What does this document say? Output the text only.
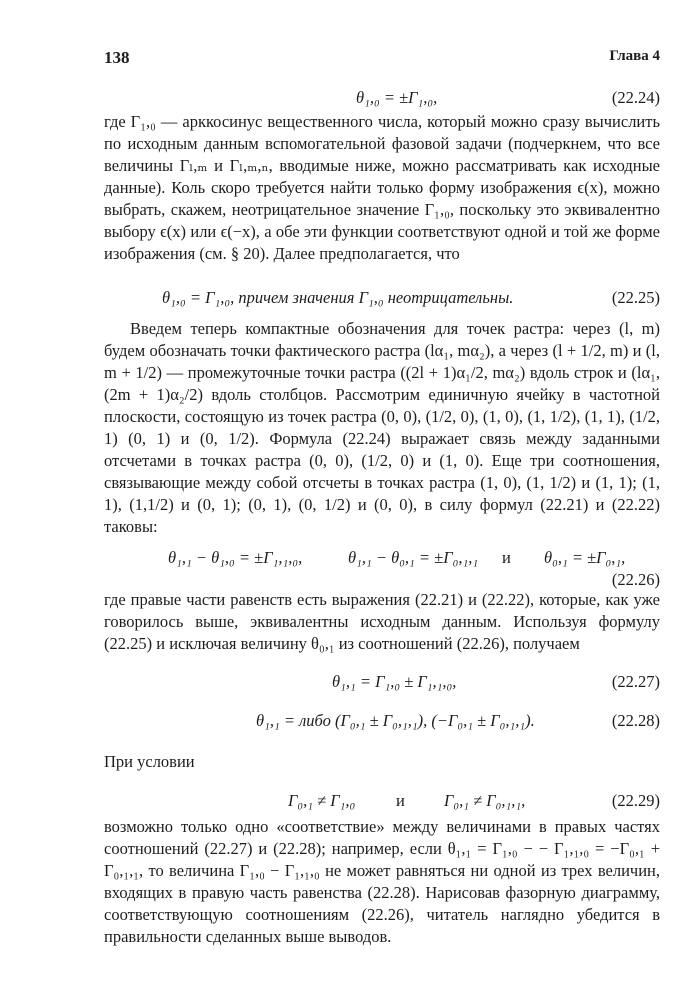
138	Глава 4
θ₁,₀ = ±Γ₁,₀,	(22.24)

где Γ₁,₀ — арккосинус вещественного числа, который можно сразу вычислить по исходным данным вспомогательной фазовой задачи (подчеркнем, что все величины Γₗ,ₘ и Γₗ,ₘ,ₙ, вводимые ниже, можно рассматривать как исходные данные). Коль скоро требуется найти только форму изображения ϵ(x), можно выбрать, скажем, неотрицательное значение Γ₁,₀, поскольку это эквивалентно выбору ϵ(x) или ϵ(−x), а обе эти функции соответствуют одной и той же форме изображения (см. § 20). Далее предполагается, что

θ₁,₀ = Γ₁,₀, причем значения Γ₁,₀ неотрицательны.	(22.25)

Введем теперь компактные обозначения для точек растра: через (l, m) будем обозначать точки фактического растра (lα₁, mα₂), а через (l + 1/2, m) и (l, m + 1/2) — промежуточные точки растра ((2l + 1)α₁/2, mα₂) вдоль строк и (lα₁, (2m + 1)α₂/2) вдоль столбцов. Рассмотрим единичную ячейку в частотной плоскости, состоящую из точек растра (0, 0), (1/2, 0), (1, 0), (1, 1/2), (1, 1), (1/2, 1) (0, 1) и (0, 1/2). Формула (22.24) выражает связь между заданными отсчетами в точках растра (0, 0), (1/2, 0) и (1, 0). Еще три соотношения, связывающие между собой отсчеты в точках растра (1, 0), (1, 1/2) и (1, 1); (1, 1), (1,1/2) и (0, 1); (0, 1), (0, 1/2) и (0, 0), в силу формул (22.21) и (22.22) таковы:

θ₁,₁ − θ₁,₀ = ±Γ₁,₁,₀,	θ₁,₁ − θ₀,₁ = ±Γ₀,₁,₁ и θ₀,₁ = ±Γ₀,₁,
(22.26)

где правые части равенств есть выражения (22.21) и (22.22), которые, как уже говорилось выше, эквивалентны исходным данным. Используя формулу (22.25) и исключая величину θ₀,₁ из соотношений (22.26), получаем

θ₁,₁ = Γ₁,₀ ± Γ₁,₁,₀,	(22.27)
θ₁,₁ = либо (Γ₀,₁ ± Γ₀,₁,₁), (−Γ₀,₁ ± Γ₀,₁,₁).	(22.28)
При условии
Γ₀,₁ ≠ Γ₁,₀ и Γ₀,₁ ≠ Γ₀,₁,₁,	(22.29)

возможно только одно «соответствие» между величинами в правых частях соотношений (22.27) и (22.28); например, если θ₁,₁ = Γ₁,₀ − − Γ₁,₁,₀ = −Γ₀,₁ + Γ₀,₁,₁, то величина Γ₁,₀ − Γ₁,₁,₀ не может равняться ни одной из трех величин, входящих в правую часть равенства (22.28). Нарисовав фазорную диаграмму, соответствующую соотношениям (22.26), читатель наглядно убедится в правильности сделанных выше выводов.
